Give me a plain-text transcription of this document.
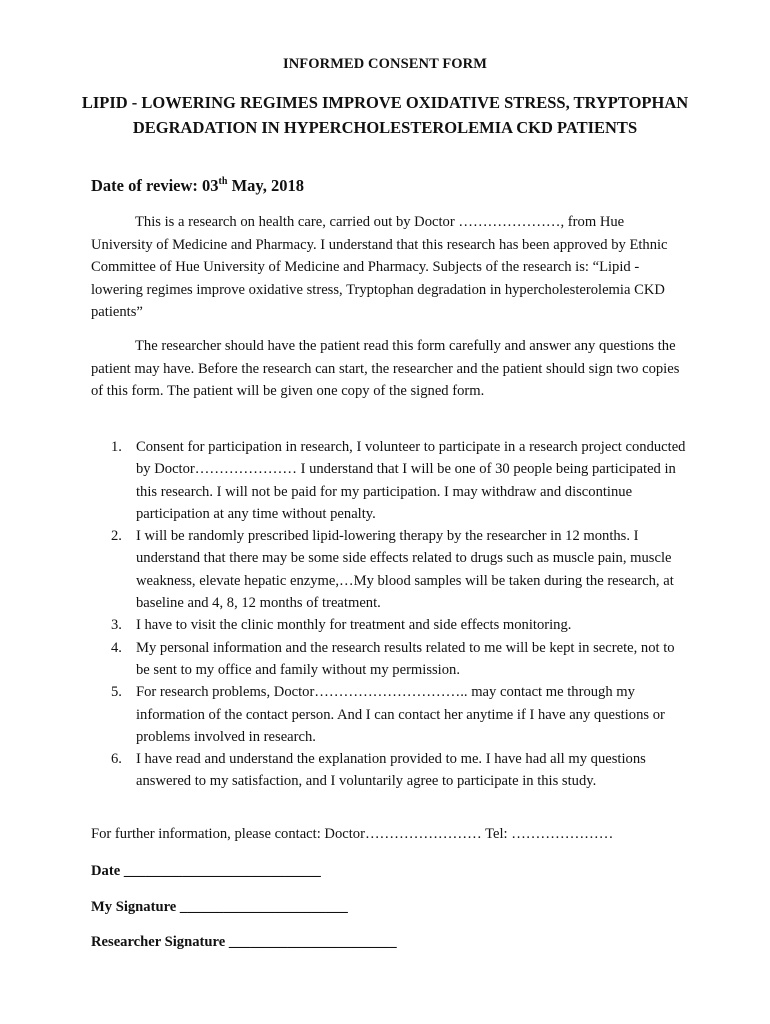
INFORMED CONSENT FORM
LIPID - LOWERING REGIMES IMPROVE OXIDATIVE STRESS, TRYPTOPHAN DEGRADATION IN HYPERCHOLESTEROLEMIA CKD PATIENTS
Date of review: 03th May, 2018
This is a research on health care, carried out by Doctor …………………, from Hue University of Medicine and Pharmacy. I understand that this research has been approved by Ethnic Committee of Hue University of Medicine and Pharmacy. Subjects of the research is: “Lipid - lowering regimes improve oxidative stress, Tryptophan degradation in hypercholesterolemia CKD patients”
The researcher should have the patient read this form carefully and answer any questions the patient may have. Before the research can start, the researcher and the patient should sign two copies of this form. The patient will be given one copy of the signed form.
1. Consent for participation in research, I volunteer to participate in a research project conducted by Doctor………………… I understand that I will be one of 30 people being participated in this research. I will not be paid for my participation. I may withdraw and discontinue participation at any time without penalty.
2. I will be randomly prescribed lipid-lowering therapy by the researcher in 12 months. I understand that there may be some side effects related to drugs such as muscle pain, muscle weakness, elevate hepatic enzyme,…My blood samples will be taken during the research, at baseline and 4, 8, 12 months of treatment.
3. I have to visit the clinic monthly for treatment and side effects monitoring.
4. My personal information and the research results related to me will be kept in secrete, not to be sent to my office and family without my permission.
5. For research problems, Doctor………………………….. may contact me through my information of the contact person. And I can contact her anytime if I have any questions or problems involved in research.
6. I have read and understand the explanation provided to me. I have had all my questions answered to my satisfaction, and I voluntarily agree to participate in this study.
For further information, please contact: Doctor…………………… Tel: …………………
Date ___________________________
My Signature _______________________
Researcher Signature _______________________
